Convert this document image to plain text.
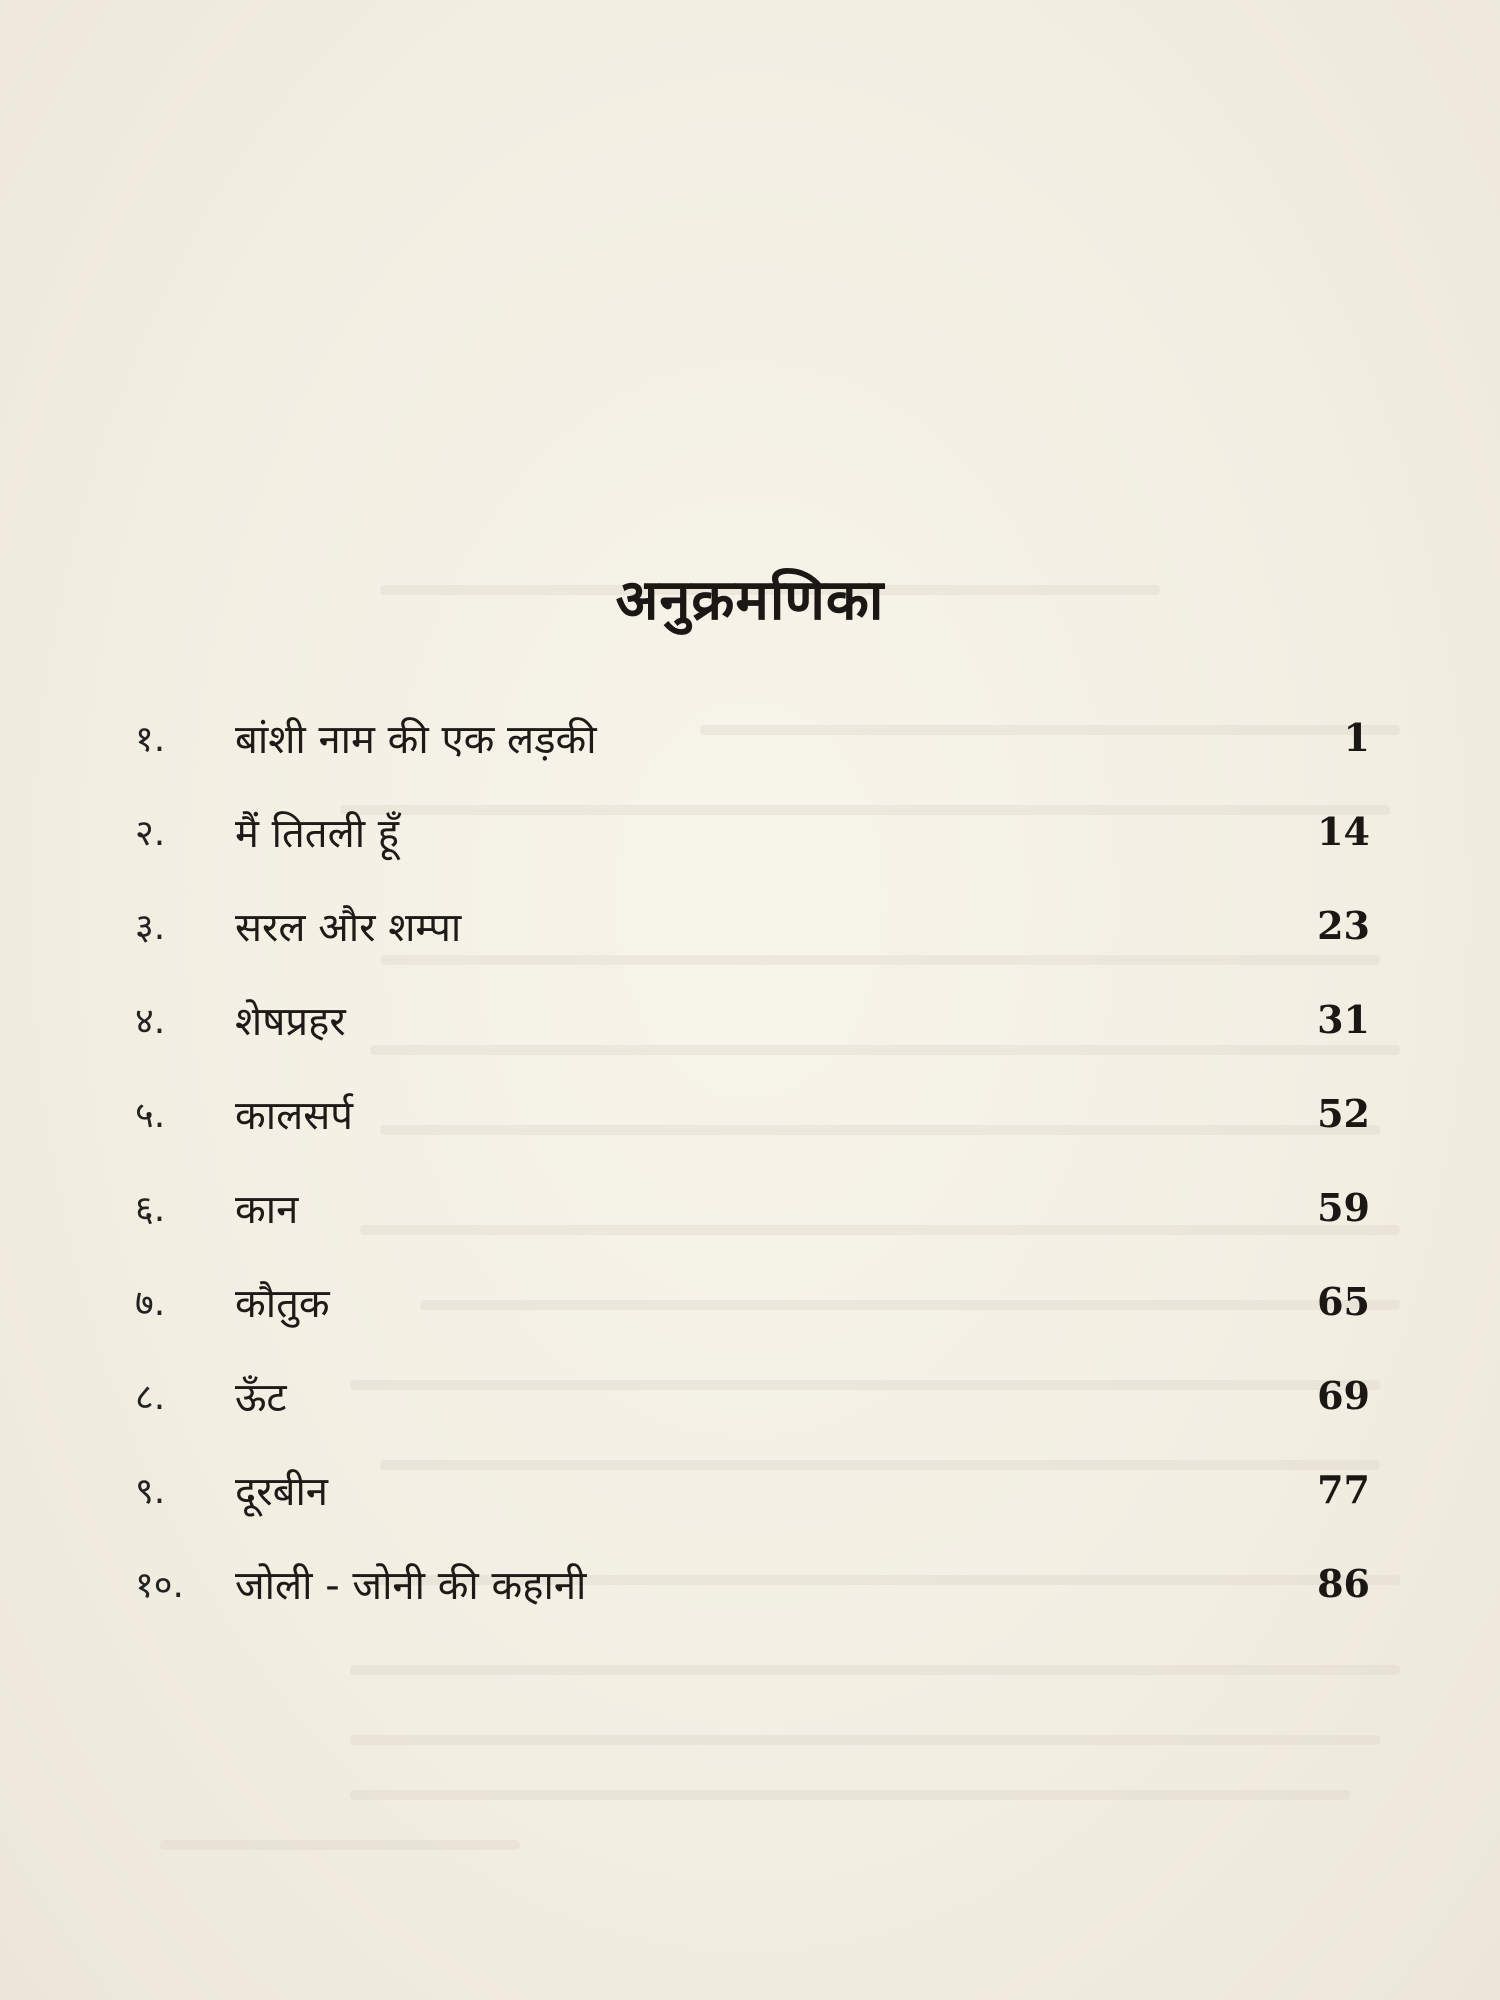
अनुक्रमणिका
१.	बांशी नाम की एक लड़की	1
२.	मैं तितली हूँ	14
३.	सरल और शम्पा	23
४.	शेषप्रहर	31
५.	कालसर्प	52
६.	कान	59
७.	कौतुक	65
८.	ऊँट	69
९.	दूरबीन	77
१०.	जोली - जोनी की कहानी	86
